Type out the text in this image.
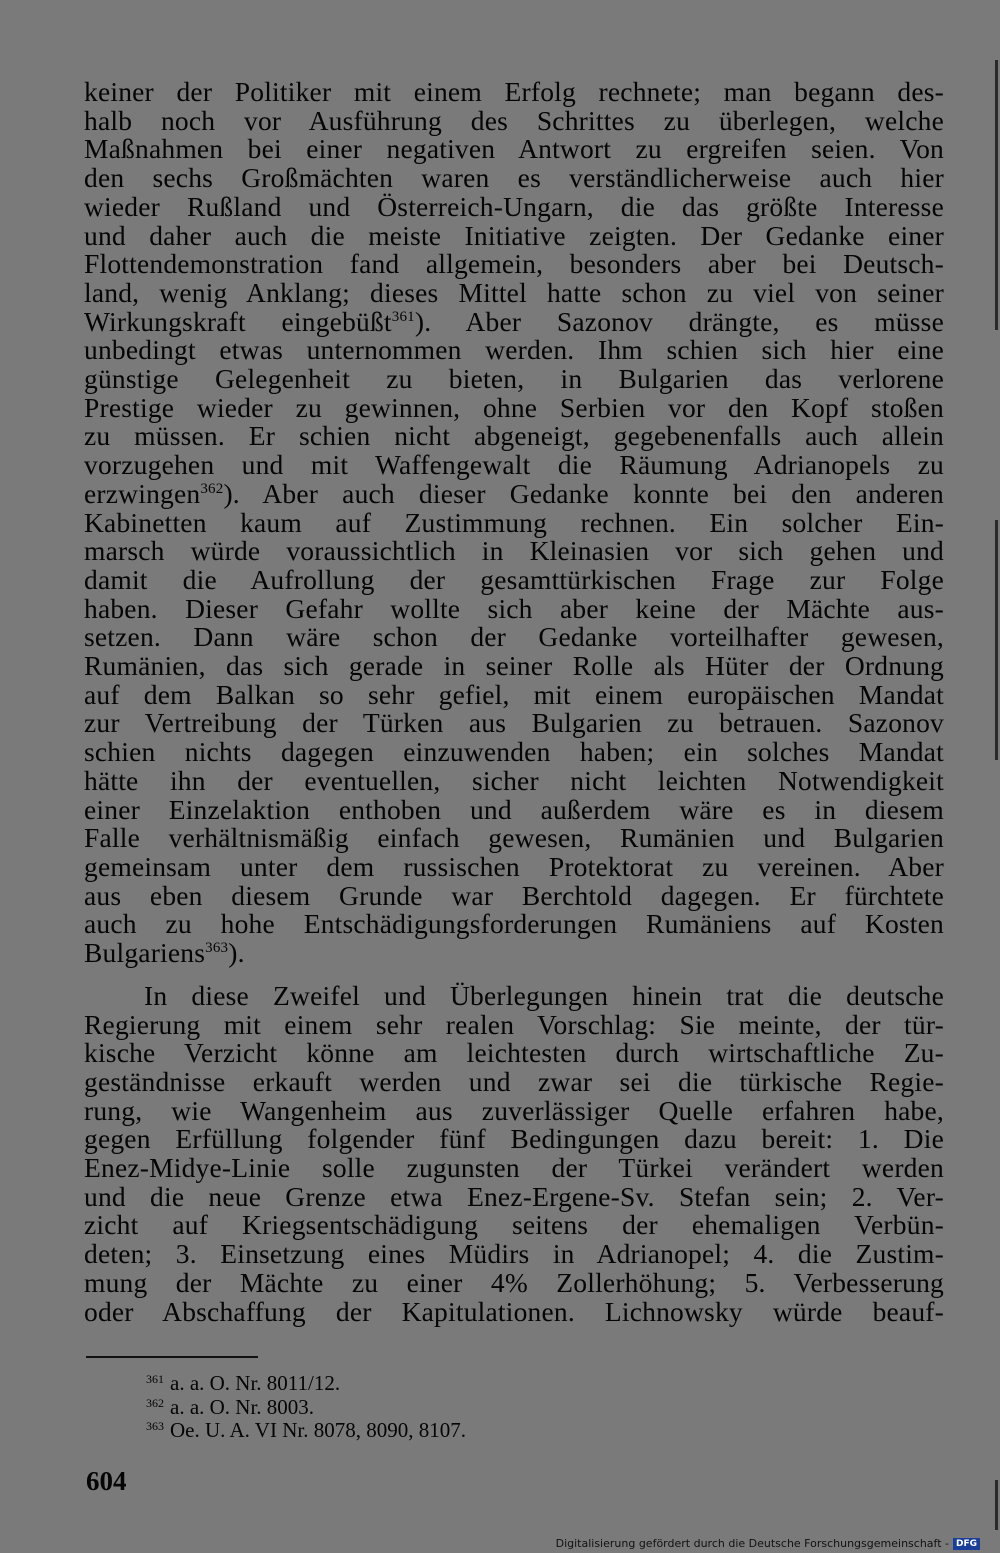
keiner der Politiker mit einem Erfolg rechnete; man begann des-
halb noch vor Ausführung des Schrittes zu überlegen, welche
Maßnahmen bei einer negativen Antwort zu ergreifen seien. Von
den sechs Großmächten waren es verständlicherweise auch hier
wieder Rußland und Österreich-Ungarn, die das größte Interesse
und daher auch die meiste Initiative zeigten. Der Gedanke einer
Flottendemonstration fand allgemein, besonders aber bei Deutsch-
land, wenig Anklang; dieses Mittel hatte schon zu viel von seiner
Wirkungskraft eingebüßt$^{361}$). Aber Sazonov drängte, es müsse
unbedingt etwas unternommen werden. Ihm schien sich hier eine
günstige Gelegenheit zu bieten, in Bulgarien das verlorene
Prestige wieder zu gewinnen, ohne Serbien vor den Kopf stoßen
zu müssen. Er schien nicht abgeneigt, gegebenenfalls auch allein
vorzugehen und mit Waffengewalt die Räumung Adrianopels zu
erzwingen$^{362}$). Aber auch dieser Gedanke konnte bei den anderen
Kabinetten kaum auf Zustimmung rechnen. Ein solcher Ein-
marsch würde voraussichtlich in Kleinasien vor sich gehen und
damit die Aufrollung der gesamttürkischen Frage zur Folge
haben. Dieser Gefahr wollte sich aber keine der Mächte aus-
setzen. Dann wäre schon der Gedanke vorteilhafter gewesen,
Rumänien, das sich gerade in seiner Rolle als Hüter der Ordnung
auf dem Balkan so sehr gefiel, mit einem europäischen Mandat
zur Vertreibung der Türken aus Bulgarien zu betrauen. Sazonov
schien nichts dagegen einzuwenden haben; ein solches Mandat
hätte ihn der eventuellen, sicher nicht leichten Notwendigkeit
einer Einzelaktion enthoben und außerdem wäre es in diesem
Falle verhältnismäßig einfach gewesen, Rumänien und Bulgarien
gemeinsam unter dem russischen Protektorat zu vereinen. Aber
aus eben diesem Grunde war Berchtold dagegen. Er fürchtete
auch zu hohe Entschädigungsforderungen Rumäniens auf Kosten
Bulgariens$^{363}$).

In diese Zweifel und Überlegungen hinein trat die deutsche
Regierung mit einem sehr realen Vorschlag: Sie meinte, der tür-
kische Verzicht könne am leichtesten durch wirtschaftliche Zu-
geständnisse erkauft werden und zwar sei die türkische Regie-
rung, wie Wangenheim aus zuverlässiger Quelle erfahren habe,
gegen Erfüllung folgender fünf Bedingungen dazu bereit: 1. Die
Enez-Midye-Linie solle zugunsten der Türkei verändert werden
und die neue Grenze etwa Enez-Ergene-Sv. Stefan sein; 2. Ver-
zicht auf Kriegsentschädigung seitens der ehemaligen Verbün-
deten; 3. Einsetzung eines Müdirs in Adrianopel; 4. die Zustim-
mung der Mächte zu einer 4% Zollerhöhung; 5. Verbesserung
oder Abschaffung der Kapitulationen. Lichnowsky würde beauf-

$^{361}$ a. a. O. Nr. 8011/12.
$^{362}$ a. a. O. Nr. 8003.
$^{363}$ Oe. U. A. VI Nr. 8078, 8090, 8107.
604
Digitalisierung gefördert durch die Deutsche Forschungsgemeinschaft - DFG
